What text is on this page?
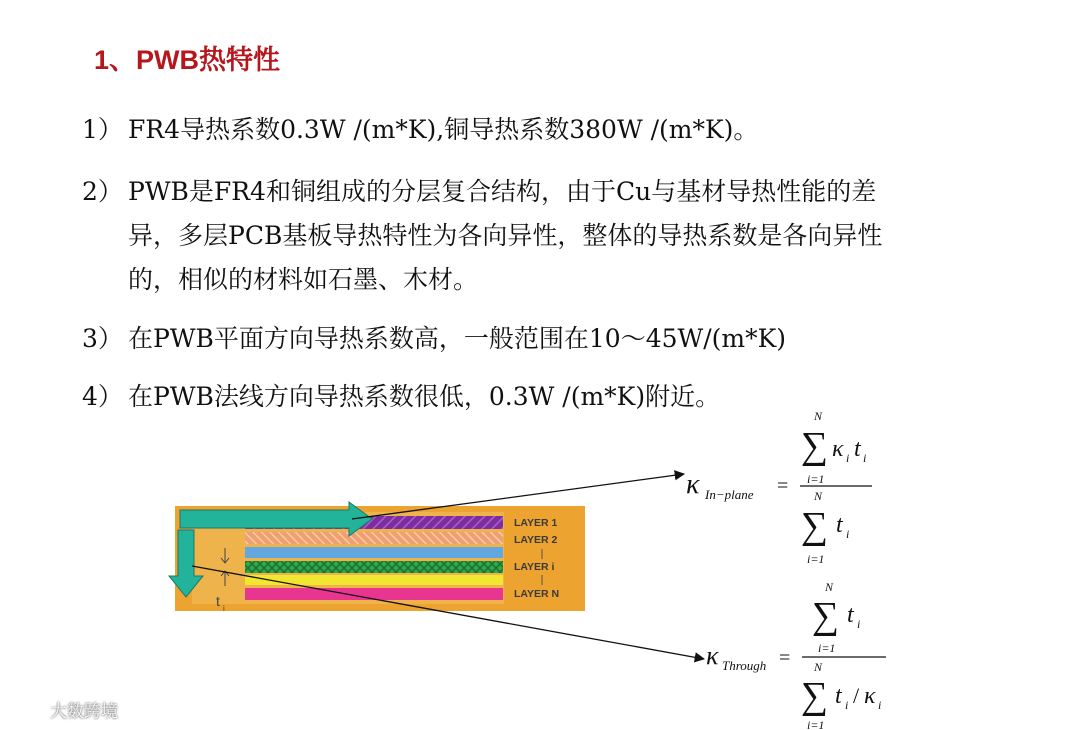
1、PWB热特性
1） FR4导热系数0.3W /(m*K),铜导热系数380W /(m*K)。
2） PWB是FR4和铜组成的分层复合结构，由于Cu与基材导热性能的差
异，多层PCB基板导热特性为各向异性，整体的导热系数是各向异性
的，相似的材料如石墨、木材。
3） 在PWB平面方向导热系数高，一般范围在10～45W/(m*K)
4） 在PWB法线方向导热系数很低，0.3W /(m*K)附近。
LAYER 1
LAYER 2
LAYER i
LAYER N
t i
κ In−plane =
N
∑
i=1
κ i t i
N
∑
i=1
t i
κ Through =
N
∑
i=1
t i
N
∑
i=1
t i / κ i
大数跨境
